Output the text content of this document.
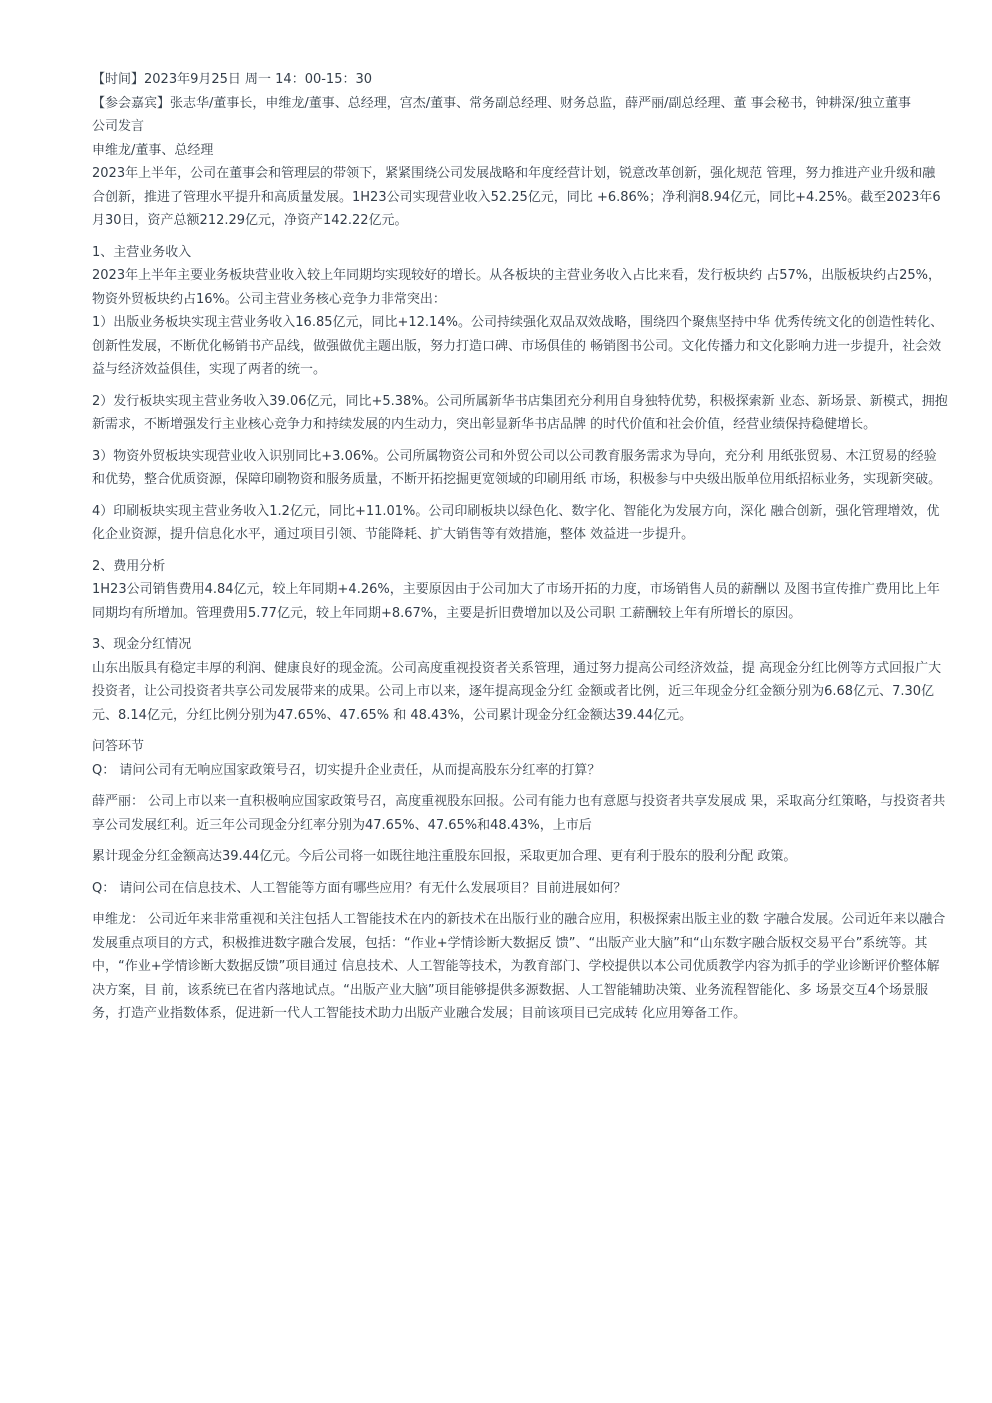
【时间】2023年9月25日 周一 14：00-15：30

【参会嘉宾】张志华/董事长，申维龙/董事、总经理，宫杰/董事、常务副总经理、财务总监，薛严丽/副总经理、董 事会秘书，钟耕深/独立董事

公司发言

申维龙/董事、总经理

2023年上半年，公司在董事会和管理层的带领下，紧紧围绕公司发展战略和年度经营计划，锐意改革创新，强化规范 管理，努力推进产业升级和融合创新，推进了管理水平提升和高质量发展。1H23公司实现营业收入52.25亿元，同比 +6.86%；净利润8.94亿元，同比+4.25%。截至2023年6月30日，资产总额212.29亿元，净资产142.22亿元。

1、主营业务收入

2023年上半年主要业务板块营业收入较上年同期均实现较好的增长。从各板块的主营业务收入占比来看，发行板块约 占57%，出版板块约占25%，物资外贸板块约占16%。公司主营业务核心竞争力非常突出：

1）出版业务板块实现主营业务收入16.85亿元，同比+12.14%。公司持续强化双品双效战略，围绕四个聚焦坚持中华 优秀传统文化的创造性转化、创新性发展，不断优化畅销书产品线，做强做优主题出版，努力打造口碑、市场俱佳的 畅销图书公司。文化传播力和文化影响力进一步提升，社会效益与经济效益俱佳，实现了两者的统一。

2）发行板块实现主营业务收入39.06亿元，同比+5.38%。公司所属新华书店集团充分利用自身独特优势，积极探索新 业态、新场景、新模式，拥抱新需求，不断增强发行主业核心竞争力和持续发展的内生动力，突出彰显新华书店品牌 的时代价值和社会价值，经营业绩保持稳健增长。

3）物资外贸板块实现营业收入识别同比+3.06%。公司所属物资公司和外贸公司以公司教育服务需求为导向，充分利 用纸张贸易、木江贸易的经验和优势，整合优质资源，保障印刷物资和服务质量，不断开拓挖掘更宽领域的印刷用纸 市场，积极参与中央级出版单位用纸招标业务，实现新突破。

4）印刷板块实现主营业务收入1.2亿元，同比+11.01%。公司印刷板块以绿色化、数字化、智能化为发展方向，深化 融合创新，强化管理增效，优化企业资源，提升信息化水平，通过项目引领、节能降耗、扩大销售等有效措施，整体 效益进一步提升。

2、费用分析

1H23公司销售费用4.84亿元，较上年同期+4.26%，主要原因由于公司加大了市场开拓的力度，市场销售人员的薪酬以 及图书宣传推广费用比上年同期均有所增加。管理费用5.77亿元，较上年同期+8.67%，主要是折旧费增加以及公司职 工薪酬较上年有所增长的原因。

3、现金分红情况

山东出版具有稳定丰厚的利润、健康良好的现金流。公司高度重视投资者关系管理，通过努力提高公司经济效益，提 高现金分红比例等方式回报广大投资者，让公司投资者共享公司发展带来的成果。公司上市以来，逐年提高现金分红 金额或者比例，近三年现金分红金额分别为6.68亿元、7.30亿元、8.14亿元，分红比例分别为47.65%、47.65% 和 48.43%，公司累计现金分红金额达39.44亿元。

问答环节

Q： 请问公司有无响应国家政策号召，切实提升企业责任，从而提高股东分红率的打算？

薛严丽： 公司上市以来一直积极响应国家政策号召，高度重视股东回报。公司有能力也有意愿与投资者共享发展成 果，采取高分红策略，与投资者共享公司发展红利。近三年公司现金分红率分别为47.65%、47.65%和48.43%，上市后

累计现金分红金额高达39.44亿元。今后公司将一如既往地注重股东回报，采取更加合理、更有利于股东的股利分配 政策。

Q： 请问公司在信息技术、人工智能等方面有哪些应用？有无什么发展项目？目前进展如何？

申维龙： 公司近年来非常重视和关注包括人工智能技术在内的新技术在出版行业的融合应用，积极探索出版主业的数 字融合发展。公司近年来以融合发展重点项目的方式，积极推进数字融合发展，包括：“作业+学情诊断大数据反 馈”、“出版产业大脑”和“山东数字融合版权交易平台”系统等。其中，“作业+学情诊断大数据反馈”项目通过 信息技术、人工智能等技术，为教育部门、学校提供以本公司优质教学内容为抓手的学业诊断评价整体解决方案，目 前，该系统已在省内落地试点。“出版产业大脑”项目能够提供多源数据、人工智能辅助决策、业务流程智能化、多 场景交互4个场景服务，打造产业指数体系，促进新一代人工智能技术助力出版产业融合发展；目前该项目已完成转 化应用筹备工作。
